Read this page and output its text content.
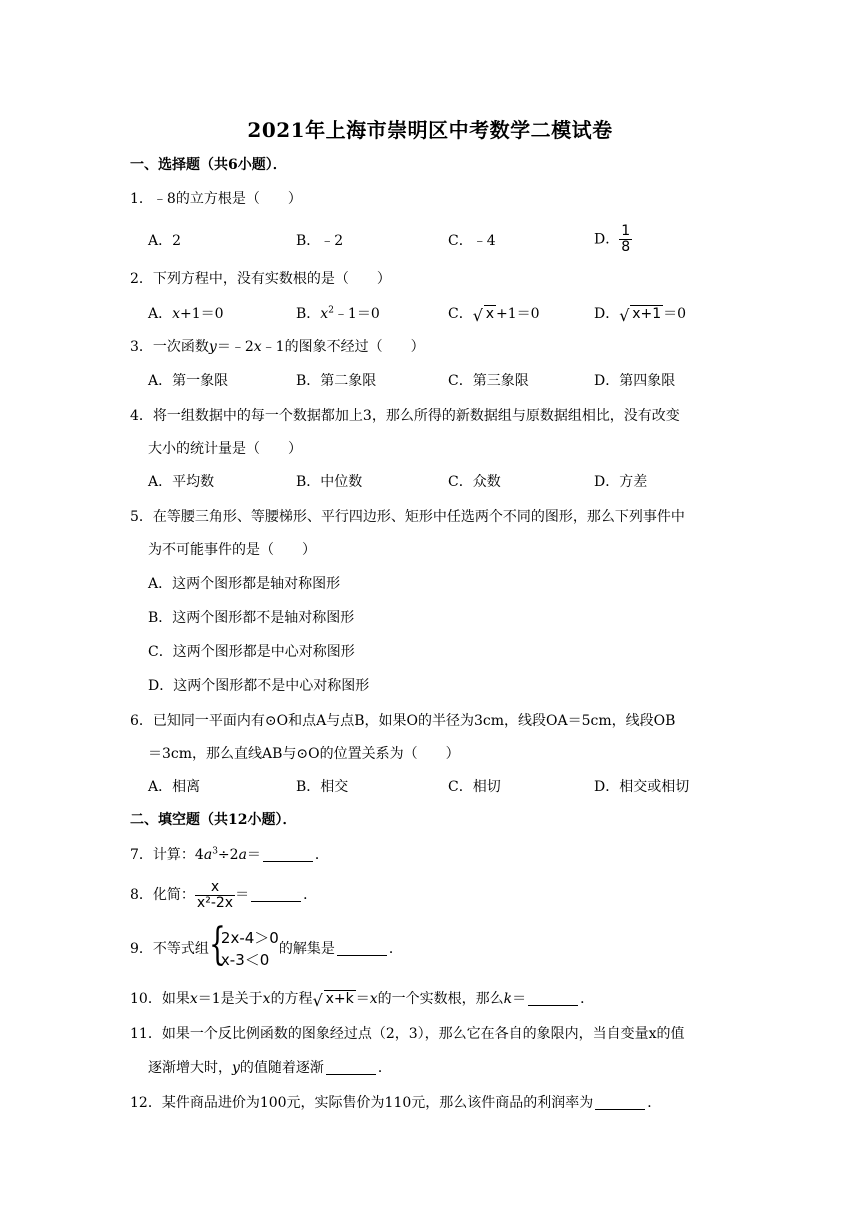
2021年上海市崇明区中考数学二模试卷
一、选择题（共6小题）．
1．﹣8的立方根是（　　）
A．2	B．﹣2	C．﹣4	D． $\frac{1}{8}$
2．下列方程中，没有实数根的是（　　）
A．x+1＝0	B．$x^2﹣1=0$	C． √ x +1＝0	D． √ x+1 ＝0
3．一次函数y＝﹣2x﹣1的图象不经过（　　）
A．第一象限	B．第二象限	C．第三象限	D．第四象限
4．将一组数据中的每一个数据都加上3，那么所得的新数据组与原数据组相比，没有改变
大小的统计量是（　　）
A．平均数	B．中位数	C．众数	D．方差
5．在等腰三角形、等腰梯形、平行四边形、矩形中任选两个不同的图形，那么下列事件中
为不可能事件的是（　　）
A．这两个图形都是轴对称图形
B．这两个图形都不是轴对称图形
C．这两个图形都是中心对称图形
D．这两个图形都不是中心对称图形
6．已知同一平面内有⊙O和点A与点B，如果O的半径为3cm，线段OA＝5cm，线段OB
＝3cm，那么直线AB与⊙O的位置关系为（　　）
A．相离	B．相交	C．相切	D．相交或相切
二、填空题（共12小题）．
7．计算：$4a^3\div 2a=$	．
8．化简： $\frac{x}{\text{x²-2x}}$ ＝	．
9．不等式组 {
2x-4＞0
x-3＜0
的解集是	．
10．如果x＝1是关于x的方程 √ x+k ＝x的一个实数根，那么k＝	．
11．如果一个反比例函数的图象经过点（2，3），那么它在各自的象限内，当自变量x的值
逐渐增大时，y的值随着逐渐	．
12．某件商品进价为100元，实际售价为110元，那么该件商品的利润率为	．
